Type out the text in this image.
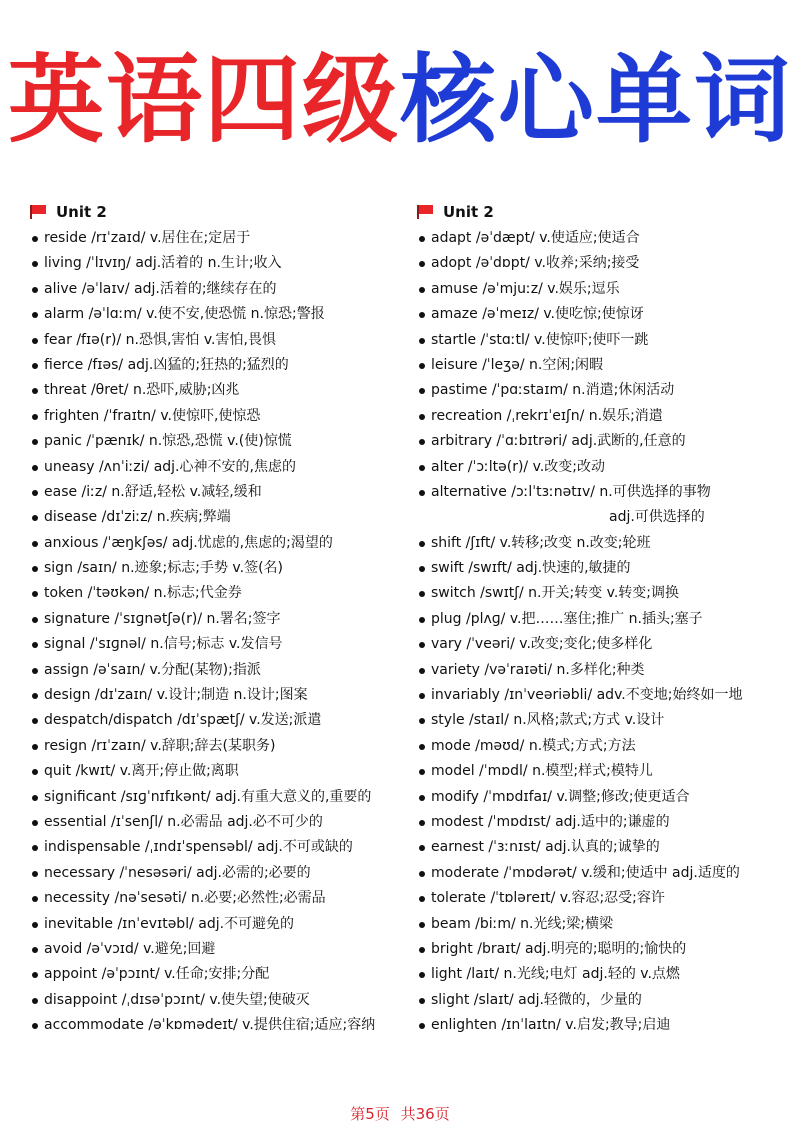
英语四级核心单词
Unit 2
reside /rɪˈzaɪd/ v.居住在;定居于
living /ˈlɪvɪŋ/ adj.活着的 n.生计;收入
alive /əˈlaɪv/ adj.活着的;继续存在的
alarm /əˈlɑːm/ v.使不安,使恐慌 n.惊恐;警报
fear /fɪə(r)/ n.恐惧,害怕 v.害怕,畏惧
fierce /fɪəs/ adj.凶猛的;狂热的;猛烈的
threat /θret/ n.恐吓,威胁;凶兆
frighten /ˈfraɪtn/ v.使惊吓,使惊恐
panic /ˈpænɪk/ n.惊恐,恐慌 v.(使)惊慌
uneasy /ʌnˈiːzi/ adj.心神不安的,焦虑的
ease /iːz/ n.舒适,轻松 v.减轻,缓和
disease /dɪˈziːz/ n.疾病;弊端
anxious /ˈæŋkʃəs/ adj.忧虑的,焦虑的;渴望的
sign /saɪn/ n.迹象;标志;手势 v.签(名)
token /ˈtəʊkən/ n.标志;代金券
signature /ˈsɪɡnətʃə(r)/ n.署名;签字
signal /ˈsɪɡnəl/ n.信号;标志 v.发信号
assign /əˈsaɪn/ v.分配(某物);指派
design /dɪˈzaɪn/ v.设计;制造 n.设计;图案
despatch/dispatch /dɪˈspætʃ/ v.发送;派遣
resign /rɪˈzaɪn/ v.辞职;辞去(某职务)
quit /kwɪt/ v.离开;停止做;离职
significant /sɪɡˈnɪfɪkənt/ adj.有重大意义的,重要的
essential /ɪˈsenʃl/ n.必需品 adj.必不可少的
indispensable /ˌɪndɪˈspensəbl/ adj.不可或缺的
necessary /ˈnesəsəri/ adj.必需的;必要的
necessity /nəˈsesəti/ n.必要;必然性;必需品
inevitable /ɪnˈevɪtəbl/ adj.不可避免的
avoid /əˈvɔɪd/ v.避免;回避
appoint /əˈpɔɪnt/ v.任命;安排;分配
disappoint /ˌdɪsəˈpɔɪnt/ v.使失望;使破灭
accommodate /əˈkɒmədeɪt/ v.提供住宿;适应;容纳
Unit 2
adapt /əˈdæpt/ v.使适应;使适合
adopt /əˈdɒpt/ v.收养;采纳;接受
amuse /əˈmjuːz/ v.娱乐;逗乐
amaze /əˈmeɪz/ v.使吃惊;使惊讶
startle /ˈstɑːtl/ v.使惊吓;使吓一跳
leisure /ˈleʒə/ n.空闲;闲暇
pastime /ˈpɑːstaɪm/ n.消遣;休闲活动
recreation /ˌrekrɪˈeɪʃn/ n.娱乐;消遣
arbitrary /ˈɑːbɪtrəri/ adj.武断的,任意的
alter /ˈɔːltə(r)/ v.改变;改动
alternative /ɔːlˈtɜːnətɪv/ n.可供选择的事物
adj.可供选择的
shift /ʃɪft/ v.转移;改变 n.改变;轮班
swift /swɪft/ adj.快速的,敏捷的
switch /swɪtʃ/ n.开关;转变 v.转变;调换
plug /plʌɡ/ v.把……塞住;推广 n.插头;塞子
vary /ˈveəri/ v.改变;变化;使多样化
variety /vəˈraɪəti/ n.多样化;种类
invariably /ɪnˈveəriəbli/ adv.不变地;始终如一地
style /staɪl/ n.风格;款式;方式 v.设计
mode /məʊd/ n.模式;方式;方法
model /ˈmɒdl/ n.模型;样式;模特儿
modify /ˈmɒdɪfaɪ/ v.调整;修改;使更适合
modest /ˈmɒdɪst/ adj.适中的;谦虚的
earnest /ˈɜːnɪst/ adj.认真的;诚挚的
moderate /ˈmɒdərət/ v.缓和;使适中 adj.适度的
tolerate /ˈtɒləreɪt/ v.容忍;忍受;容许
beam /biːm/ n.光线;梁;横梁
bright /braɪt/ adj.明亮的;聪明的;愉快的
light /laɪt/ n.光线;电灯 adj.轻的 v.点燃
slight /slaɪt/ adj.轻微的，少量的
enlighten /ɪnˈlaɪtn/ v.启发;教导;启迪
第5页 共36页
